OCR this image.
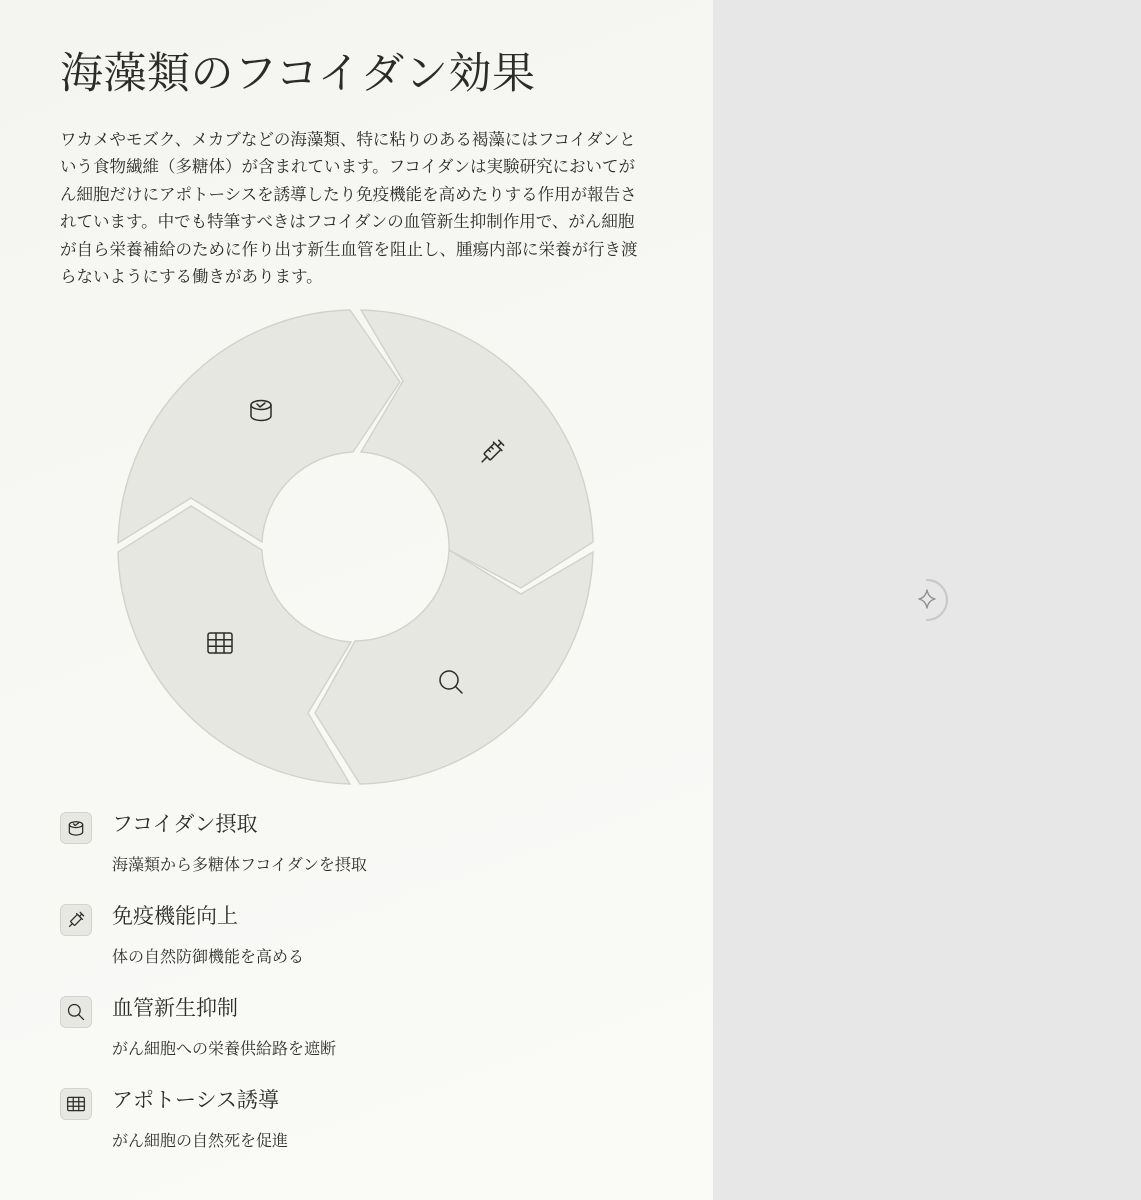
海藻類のフコイダン効果

ワカメやモズク、メカブなどの海藻類、特に粘りのある褐藻にはフコイダンという食物繊維（多糖体）が含まれています。フコイダンは実験研究においてがん細胞だけにアポトーシスを誘導したり免疫機能を高めたりする作用が報告されています。中でも特筆すべきはフコイダンの血管新生抑制作用で、がん細胞が自ら栄養補給のために作り出す新生血管を阻止し、腫瘍内部に栄養が行き渡らないようにする働きがあります。

フコイダン摂取
海藻類から多糖体フコイダンを摂取
免疫機能向上
体の自然防御機能を高める
血管新生抑制
がん細胞への栄養供給路を遮断
アポトーシス誘導
がん細胞の自然死を促進
